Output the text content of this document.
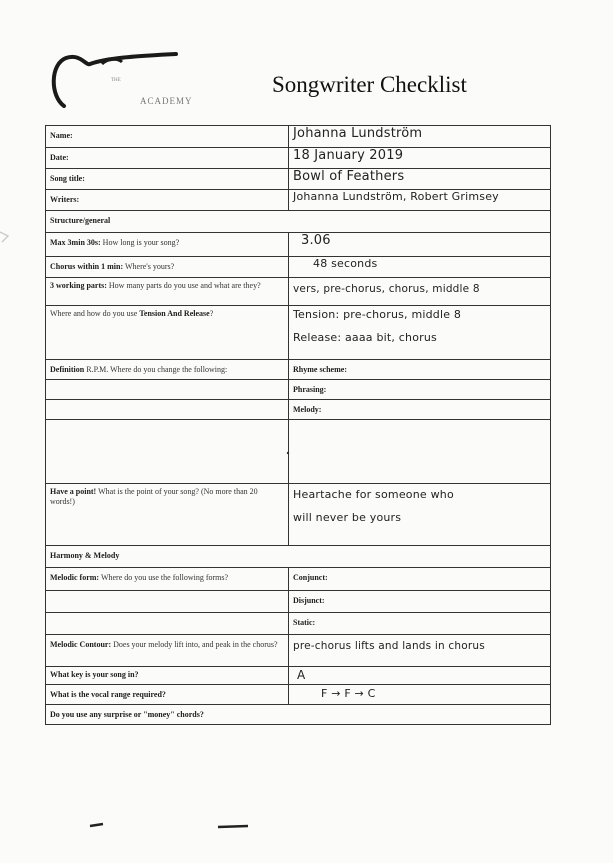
THE
ACADEMY
Songwriter Checklist
Name:	Johanna Lundström

Date:	18 January 2019

Song title:	Bowl of Feathers

Writers:	Johanna Lundström, Robert Grimsey

Structure/general	
Max 3min 30s: How long is your song?	3.06

Chorus within 1 min: Where's yours?	48 seconds

3 working parts: How many parts do you use and what are they?	vers, pre-chorus, chorus, middle 8

Where and how do you use Tension And Release?	Tension: pre-chorus, middle 8
Release: aaaa bit, chorus

Definition R.P.M. Where do you change the following:	Rhyme scheme:
	Phrasing:
	Melody:

Have a point! What is the point of your song? (No more than 20 words!)	Heartache for someone who
will never be yours

Harmony & Melody	
Melodic form: Where do you use the following forms?	Conjunct:
	Disjunct:
	Static:
Melodic Contour: Does your melody lift into, and peak in the chorus?	pre-chorus lifts and lands in chorus

What key is your song in?	A

What is the vocal range required?	F → F → C

Do you use any surprise or "money" chords?	
